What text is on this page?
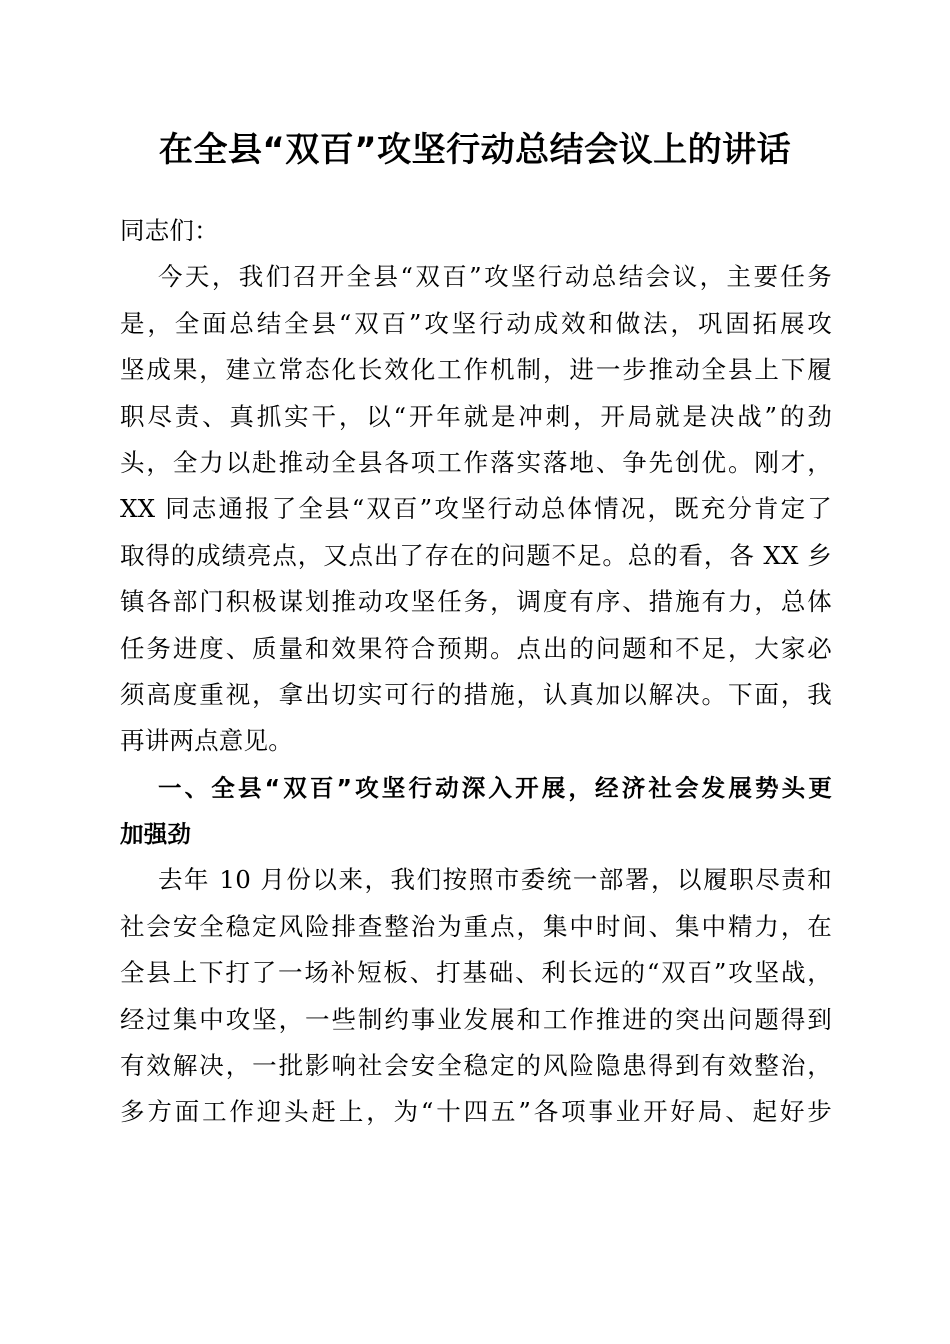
在全县“双百”攻坚行动总结会议上的讲话
同志们：
今天，我们召开全县“双百”攻坚行动总结会议，主要任务
是，全面总结全县“双百”攻坚行动成效和做法，巩固拓展攻
坚成果，建立常态化长效化工作机制，进一步推动全县上下履
职尽责、真抓实干，以“开年就是冲刺，开局就是决战”的劲
头，全力以赴推动全县各项工作落实落地、争先创优。刚才，
XX 同志通报了全县“双百”攻坚行动总体情况，既充分肯定了
取得的成绩亮点，又点出了存在的问题不足。总的看，各 XX 乡
镇各部门积极谋划推动攻坚任务，调度有序、措施有力，总体
任务进度、质量和效果符合预期。点出的问题和不足，大家必
须高度重视，拿出切实可行的措施，认真加以解决。下面，我
再讲两点意见。
一、全县“双百”攻坚行动深入开展，经济社会发展势头更
加强劲
去年 10 月份以来，我们按照市委统一部署，以履职尽责和
社会安全稳定风险排查整治为重点，集中时间、集中精力，在
全县上下打了一场补短板、打基础、利长远的“双百”攻坚战，
经过集中攻坚，一些制约事业发展和工作推进的突出问题得到
有效解决，一批影响社会安全稳定的风险隐患得到有效整治，
多方面工作迎头赶上，为“十四五”各项事业开好局、起好步
